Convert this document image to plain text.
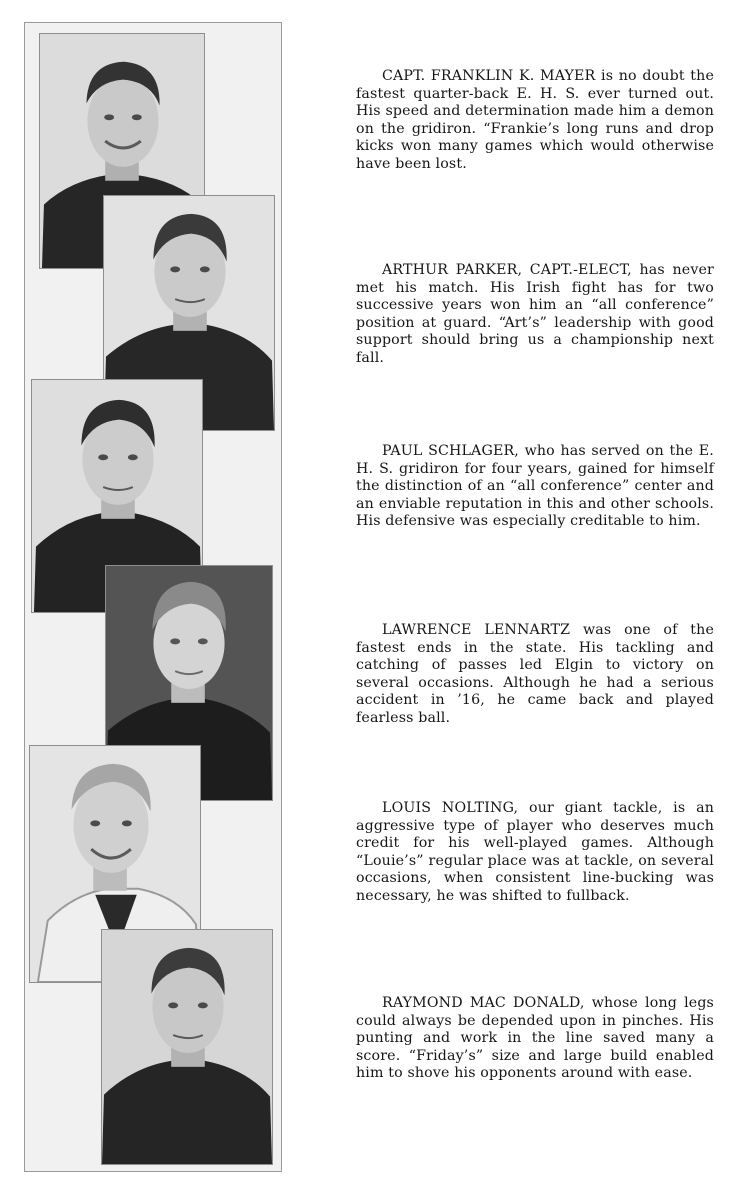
CAPT. FRANKLIN K. MAYER is no doubt the fastest quarter-back E. H. S. ever turned out. His speed and determination made him a demon on the gridiron. “Frankie’s long runs and drop kicks won many games which would otherwise have been lost.

ARTHUR PARKER, CAPT.-ELECT, has never met his match. His Irish fight has for two successive years won him an “all conference” position at guard. “Art’s” leadership with good support should bring us a championship next fall.

PAUL SCHLAGER, who has served on the E. H. S. gridiron for four years, gained for himself the distinction of an “all conference” center and an enviable reputation in this and other schools. His defensive was especially creditable to him.

LAWRENCE LENNARTZ was one of the fastest ends in the state. His tackling and catching of passes led Elgin to victory on several occasions. Although he had a serious accident in ’16, he came back and played fearless ball.

LOUIS NOLTING, our giant tackle, is an aggressive type of player who deserves much credit for his well-played games. Although “Louie’s” regular place was at tackle, on several occasions, when consistent line-bucking was necessary, he was shifted to fullback.

RAYMOND MAC DONALD, whose long legs could always be depended upon in pinches. His punting and work in the line saved many a score. “Friday’s” size and large build enabled him to shove his opponents around with ease.
